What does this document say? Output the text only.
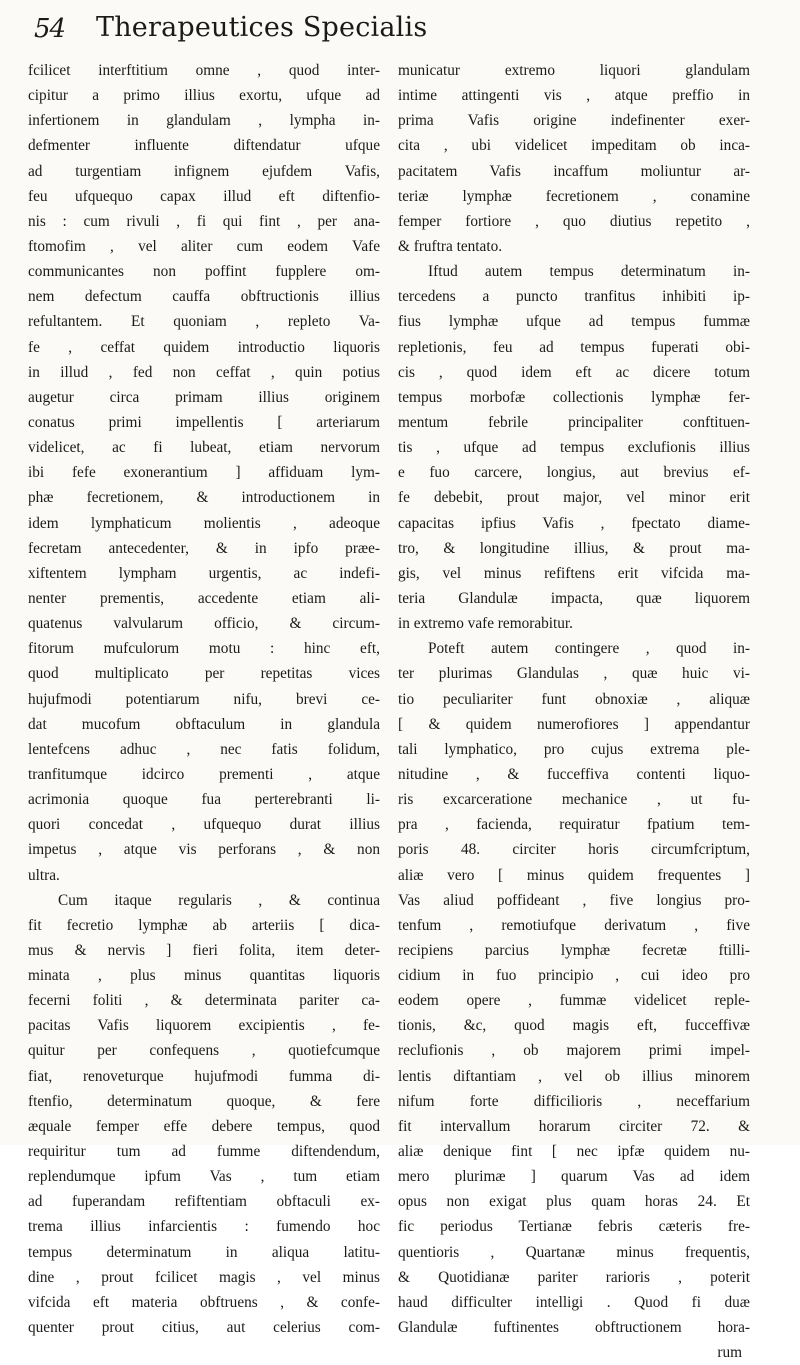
54 Therapeutices Specialis
fcilicet interftitium omne , quod inter-
cipitur a primo illius exortu, ufque ad
infertionem in glandulam , lympha in-
defmenter influente diftendatur ufque
ad turgentiam infignem ejufdem Vafis,
feu ufquequo capax illud eft diftenfio-
nis : cum rivuli , fi qui fint , per ana-
ftomofim , vel aliter cum eodem Vafe
communicantes non poffint fupplere om-
nem defectum cauffa obftructionis illius
refultantem. Et quoniam , repleto Va-
fe , ceffat quidem introductio liquoris
in illud , fed non ceffat , quin potius
augetur circa primam illius originem
conatus primi impellentis [ arteriarum
videlicet, ac fi lubeat, etiam nervorum
ibi fefe exonerantium ] affiduam lym-
phæ fecretionem, & introductionem in
idem lymphaticum molientis , adeoque
fecretam antecedenter, & in ipfo præe-
xiftentem lympham urgentis, ac indefi-
nenter prementis, accedente etiam ali-
quatenus valvularum officio, & circum-
fitorum mufculorum motu : hinc eft,
quod multiplicato per repetitas vices
hujufmodi potentiarum nifu, brevi ce-
dat mucofum obftaculum in glandula
lentefcens adhuc , nec fatis folidum,
tranfitumque idcirco prementi , atque
acrimonia quoque fua perterebranti li-
quori concedat , ufquequo durat illius
impetus , atque vis perforans , & non
ultra.
Cum itaque regularis , & continua
fit fecretio lymphæ ab arteriis [ dica-
mus & nervis ] fieri folita, item deter-
minata , plus minus quantitas liquoris
fecerni foliti , & determinata pariter ca-
pacitas Vafis liquorem excipientis , fe-
quitur per confequens , quotiefcumque
fiat, renoveturque hujufmodi fumma di-
ftenfio, determinatum quoque, & fere
æquale femper effe debere tempus, quod
requiritur tum ad fumme diftendendum,
replendumque ipfum Vas , tum etiam
ad fuperandam refiftentiam obftaculi ex-
trema illius infarcientis : fumendo hoc
tempus determinatum in aliqua latitu-
dine , prout fcilicet magis , vel minus
vifcida eft materia obftruens , & confe-
quenter prout citius, aut celerius com-
municatur extremo liquori glandulam
intime attingenti vis , atque preffio in
prima Vafis origine indefinenter exer-
cita , ubi videlicet impeditam ob inca-
pacitatem Vafis incaffum moliuntur ar-
teriæ lymphæ fecretionem , conamine
femper fortiore , quo diutius repetito ,
& fruftra tentato.
Iftud autem tempus determinatum in-
tercedens a puncto tranfitus inhibiti ip-
fius lymphæ ufque ad tempus fummæ
repletionis, feu ad tempus fuperati obi-
cis , quod idem eft ac dicere totum
tempus morbofæ collectionis lymphæ fer-
mentum febrile principaliter conftituen-
tis , ufque ad tempus exclufionis illius
e fuo carcere, longius, aut brevius ef-
fe debebit, prout major, vel minor erit
capacitas ipfius Vafis , fpectato diame-
tro, & longitudine illius, & prout ma-
gis, vel minus refiftens erit vifcida ma-
teria Glandulæ impacta, quæ liquorem
in extremo vafe remorabitur.
Poteft autem contingere , quod in-
ter plurimas Glandulas , quæ huic vi-
tio peculiariter funt obnoxiæ , aliquæ
[ & quidem numerofiores ] appendantur
tali lymphatico, pro cujus extrema ple-
nitudine , & fucceffiva contenti liquo-
ris excarceratione mechanice , ut fu-
pra , facienda, requiratur fpatium tem-
poris 48. circiter horis circumfcriptum,
aliæ vero [ minus quidem frequentes ]
Vas aliud poffideant , five longius pro-
tenfum , remotiufque derivatum , five
recipiens parcius lymphæ fecretæ ftilli-
cidium in fuo principio , cui ideo pro
eodem opere , fummæ videlicet reple-
tionis, &c, quod magis eft, fucceffivæ
reclufionis , ob majorem primi impel-
lentis diftantiam , vel ob illius minorem
nifum forte difficilioris , neceffarium
fit intervallum horarum circiter 72. &
aliæ denique fint [ nec ipfæ quidem nu-
mero plurimæ ] quarum Vas ad idem
opus non exigat plus quam horas 24. Et
fic periodus Tertianæ febris cæteris fre-
quentioris , Quartanæ minus frequentis,
& Quotidianæ pariter rarioris , poterit
haud difficulter intelligi . Quod fi duæ
Glandulæ fuftinentes obftructionem hora-
rum
